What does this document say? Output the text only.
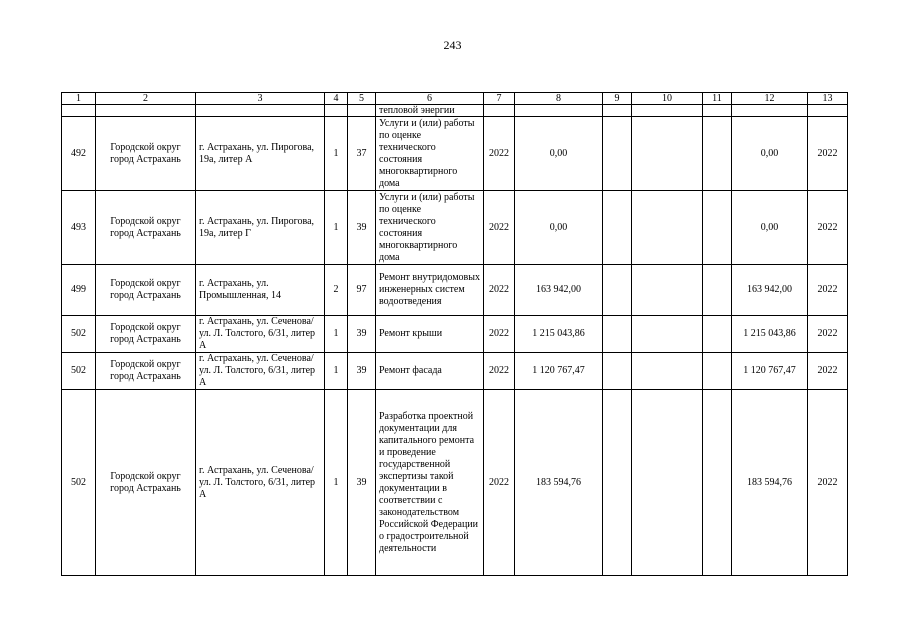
243
1	2	3	4	5	6	7	8	9	10	11	12	13
					тепловой энергии							
492	Городской округ город Астрахань	г. Астрахань, ул. Пирогова, 19а, литер А	1	37	Услуги и (или) работы по оценке технического состояния многоквартирного дома	2022	0,00				0,00	2022
493	Городской округ город Астрахань	г. Астрахань, ул. Пирогова, 19а, литер Г	1	39	Услуги и (или) работы по оценке технического состояния многоквартирного дома	2022	0,00				0,00	2022
499	Городской округ город Астрахань	г. Астрахань, ул. Промышленная, 14	2	97	Ремонт внутридомовых инженерных систем водоотведения	2022	163 942,00				163 942,00	2022
502	Городской округ город Астрахань	г. Астрахань, ул. Сеченова/ ул. Л. Толстого, 6/31, литер А	1	39	Ремонт крыши	2022	1 215 043,86				1 215 043,86	2022
502	Городской округ город Астрахань	г. Астрахань, ул. Сеченова/ ул. Л. Толстого, 6/31, литер А	1	39	Ремонт фасада	2022	1 120 767,47				1 120 767,47	2022
502	Городской округ город Астрахань	г. Астрахань, ул. Сеченова/ ул. Л. Толстого, 6/31, литер А	1	39	Разработка проектной документации для капитального ремонта и проведение государственной экспертизы такой документации в соответствии с законодательством Российской Федерации о градостроительной деятельности	2022	183 594,76				183 594,76	2022
